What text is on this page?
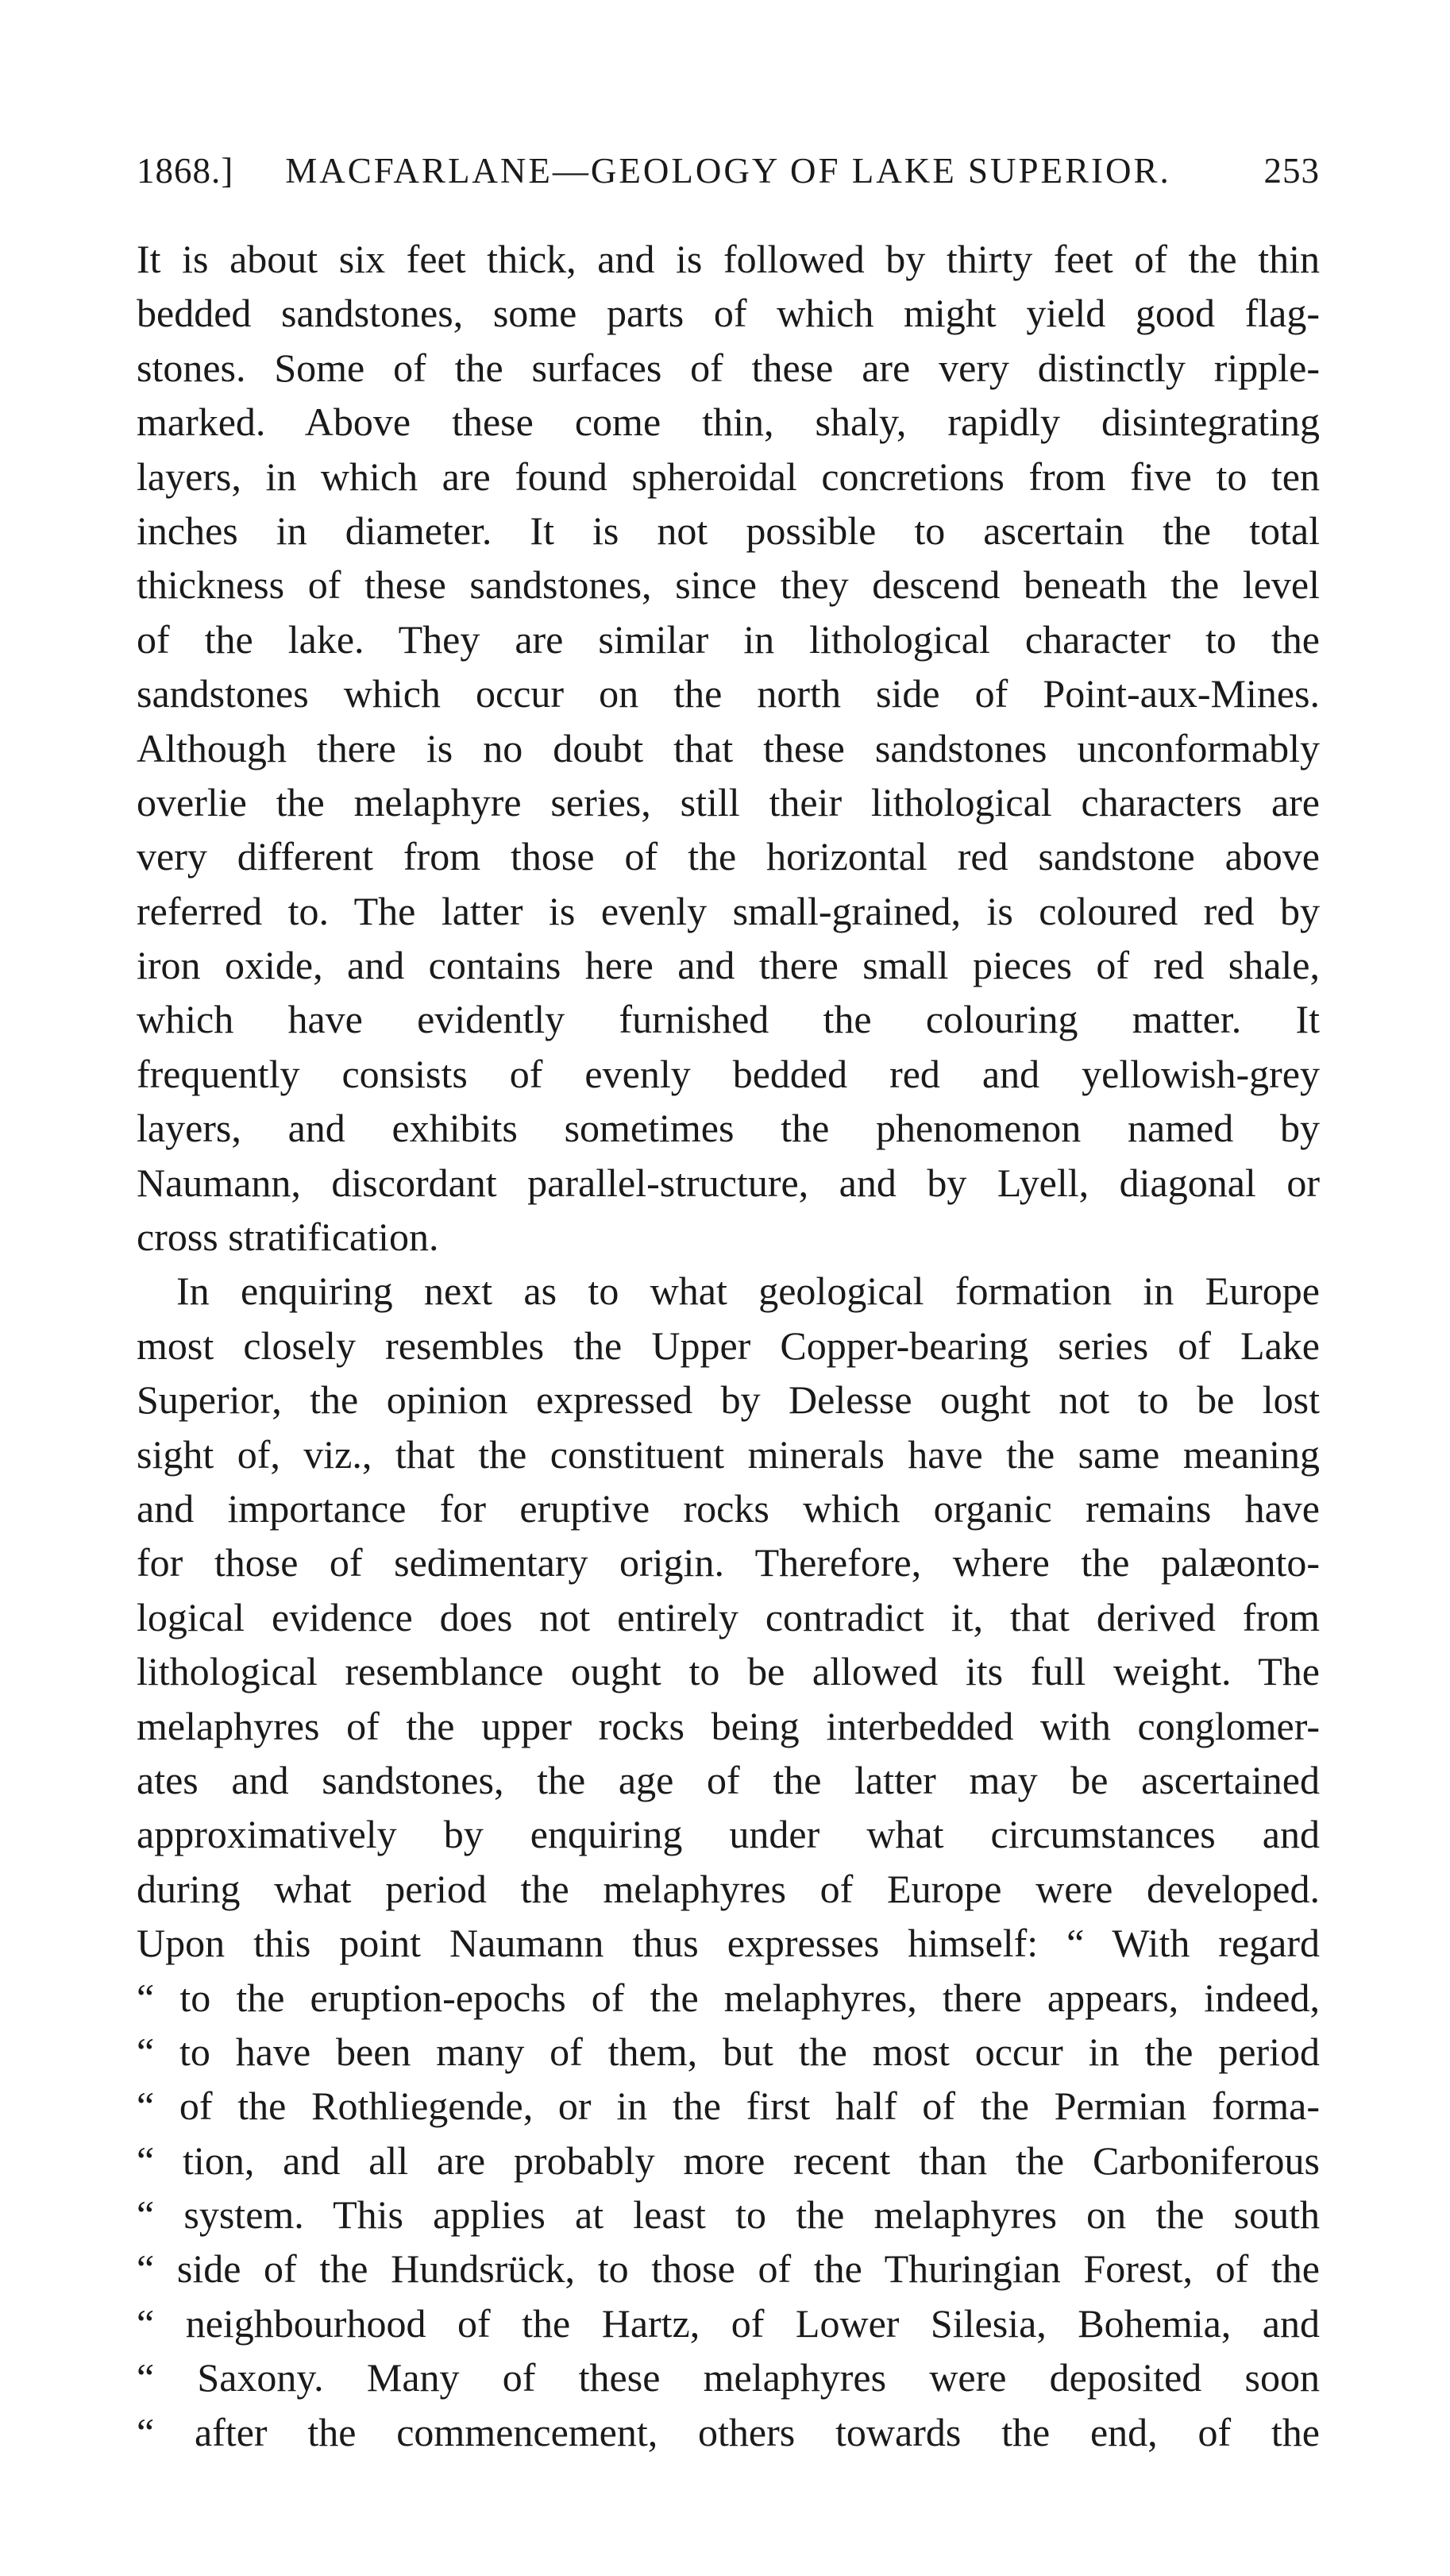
1868.]	MACFARLANE—GEOLOGY OF LAKE SUPERIOR.	253
It is about six feet thick, and is followed by thirty feet of the thin
bedded sandstones, some parts of which might yield good flag-
stones. Some of the surfaces of these are very distinctly ripple-
marked. Above these come thin, shaly, rapidly disintegrating
layers, in which are found spheroidal concretions from five to ten
inches in diameter. It is not possible to ascertain the total
thickness of these sandstones, since they descend beneath the level
of the lake. They are similar in lithological character to the
sandstones which occur on the north side of Point-aux-Mines.
Although there is no doubt that these sandstones unconformably
overlie the melaphyre series, still their lithological characters are
very different from those of the horizontal red sandstone above
referred to. The latter is evenly small-grained, is coloured red by
iron oxide, and contains here and there small pieces of red shale,
which have evidently furnished the colouring matter. It
frequently consists of evenly bedded red and yellowish-grey
layers, and exhibits sometimes the phenomenon named by
Naumann, discordant parallel-structure, and by Lyell, diagonal or
cross stratification.
In enquiring next as to what geological formation in Europe
most closely resembles the Upper Copper-bearing series of Lake
Superior, the opinion expressed by Delesse ought not to be lost
sight of, viz., that the constituent minerals have the same meaning
and importance for eruptive rocks which organic remains have
for those of sedimentary origin. Therefore, where the palæonto-
logical evidence does not entirely contradict it, that derived from
lithological resemblance ought to be allowed its full weight. The
melaphyres of the upper rocks being interbedded with conglomer-
ates and sandstones, the age of the latter may be ascertained
approximatively by enquiring under what circumstances and
during what period the melaphyres of Europe were developed.
Upon this point Naumann thus expresses himself: “ With regard
“ to the eruption-epochs of the melaphyres, there appears, indeed,
“ to have been many of them, but the most occur in the period
“ of the Rothliegende, or in the first half of the Permian forma-
“ tion, and all are probably more recent than the Carboniferous
“ system. This applies at least to the melaphyres on the south
“ side of the Hundsrück, to those of the Thuringian Forest, of the
“ neighbourhood of the Hartz, of Lower Silesia, Bohemia, and
“ Saxony. Many of these melaphyres were deposited soon
“ after the commencement, others towards the end, of the
